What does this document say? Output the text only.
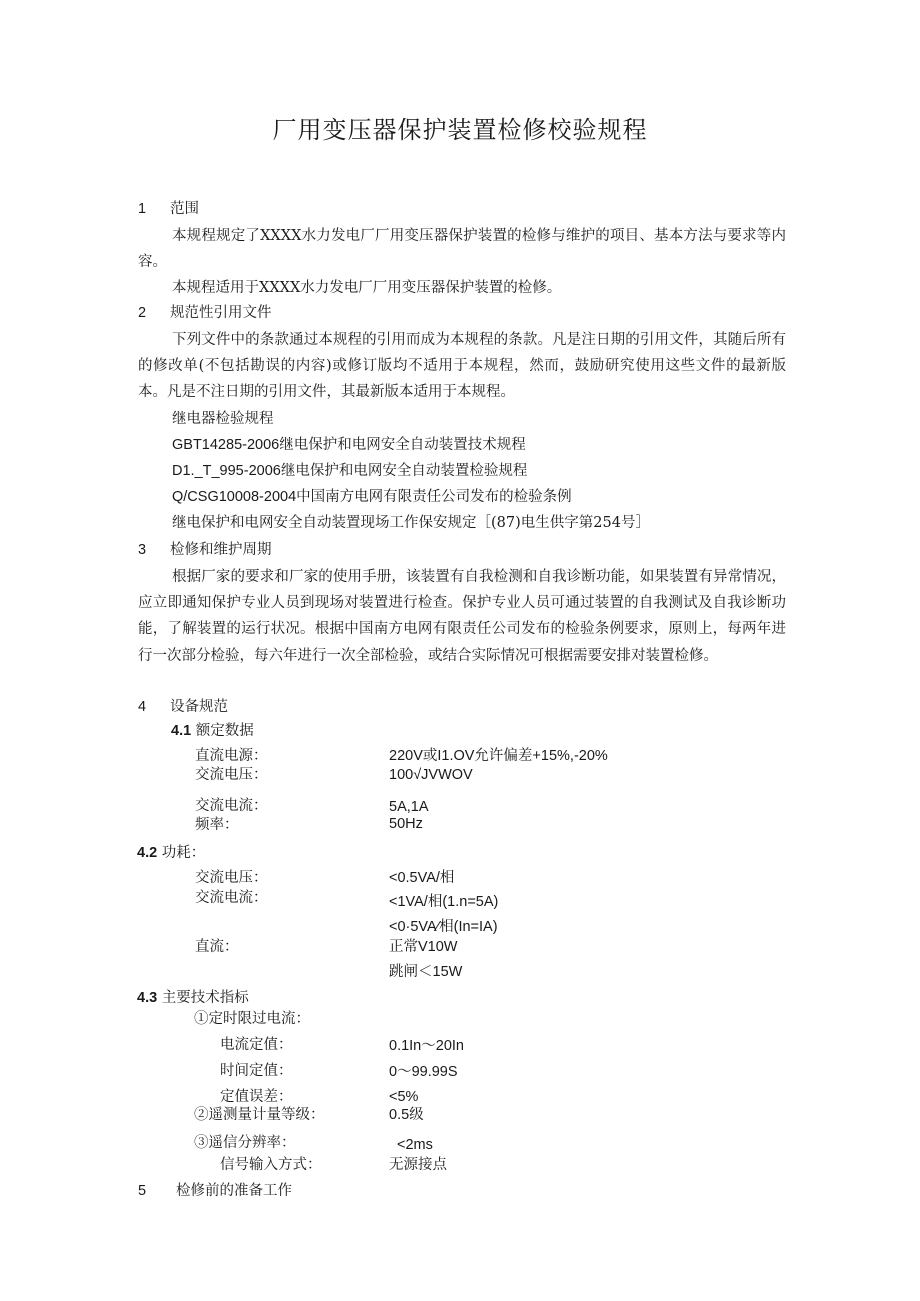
厂用变压器保护装置检修校验规程
1 范围
本规程规定了XXXX水力发电厂厂用变压器保护装置的检修与维护的项目、基本方法与要求等内容。
本规程适用于XXXX水力发电厂厂用变压器保护装置的检修。
2 规范性引用文件
下列文件中的条款通过本规程的引用而成为本规程的条款。凡是注日期的引用文件，其随后所有的修改单(不包括勘误的内容)或修订版均不适用于本规程，然而，鼓励研究使用这些文件的最新版本。凡是不注日期的引用文件，其最新版本适用于本规程。
继电器检验规程
GBT14285-2006继电保护和电网安全自动装置技术规程
D1._T_995-2006继电保护和电网安全自动装置检验规程
Q/CSG10008-2004中国南方电网有限责任公司发布的检验条例
继电保护和电网安全自动装置现场工作保安规定［(87)电生供字第254号］
3 检修和维护周期
根据厂家的要求和厂家的使用手册，该装置有自我检测和自我诊断功能，如果装置有异常情况，应立即通知保护专业人员到现场对装置进行检查。保护专业人员可通过装置的自我测试及自我诊断功能，了解装置的运行状况。根据中国南方电网有限责任公司发布的检验条例要求，原则上，每两年进行一次部分检验，每六年进行一次全部检验，或结合实际情况可根据需要安排对装置检修。
4 设备规范
4.1 额定数据
直流电源：	220V或I1.OV允许偏差+15%,-20%
交流电压：	100√JVWOV
交流电流：	5A,1A
频率：	50Hz
4.2 功耗：
交流电压：	<0.5VA/相
交流电流：	<1VA/相(1.n=5A)
<0·5VA∕相(In=IA)
直流：	正常V10W
跳闸＜15W
4.3 主要技术指标
①定时限过电流：
电流定值：	0.1In～20In
时间定值：	0～99.99S
定值误差：	<5%
②遥测量计量等级：	0.5级
③遥信分辨率：	<2ms
信号输入方式：	无源接点
5 检修前的准备工作
